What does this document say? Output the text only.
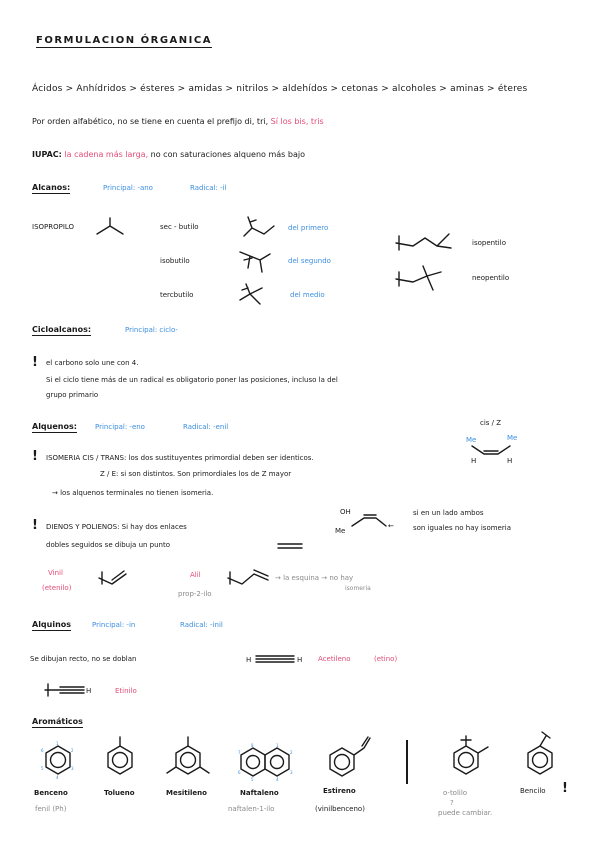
FORMULACION ÓRGANICA
Ácidos > Anhídridos > ésteres > amidas > nitrilos > aldehídos > cetonas > alcoholes > aminas > éteres
Por orden alfabético, no se tiene en cuenta el prefijo di, tri, Sí los bis, tris
IUPAC: la cadena más larga, no con saturaciones alqueno más bajo
Alcanos:	Principal: -ano	Radical: -il
ISOPROPILO	sec - butilo	del primero
isobutilo	del segundo
tercbutilo	del medio
isopentilo
neopentilo
Cicloalcanos:	Principal: ciclo-
! el carbono solo une con 4.
Si el ciclo tiene más de un radical es obligatorio poner las posiciones, incluso la del
grupo primario
Alquenos:	Principal: -eno	Radical: -enil	cis / Z
Me	Me
H	H
! ISOMERIA CIS / TRANS: los dos sustituyentes primordial deben ser identicos.
Z / E: si son distintos. Son primordiales los de Z mayor
→ los alquenos terminales no tienen isomeria.
OH
Me
←
si en un lado ambos
son iguales no hay isomeria
! DIENOS Y POLIENOS: Si hay dos enlaces
dobles seguidos se dibuja un punto
Vinil
(etenilo)
Alil
prop-2-ilo
→ la esquina → no hay
isomeria
Alquinos	Principal: -in	Radical: -inil
Se dibujan recto, no se doblan	H	H Acetileno	(etino)
H	Etinilo
Aromáticos
1
2
3
4
5
6
Benceno
fenil (Ph)
Tolueno	Mesitileno
1
2
3
4
5
6
7
8
Naftaleno
naftalen-1-ilo
Estireno
(vinilbenceno)
o-tolilo
?
puede cambiar.
Bencilo !
